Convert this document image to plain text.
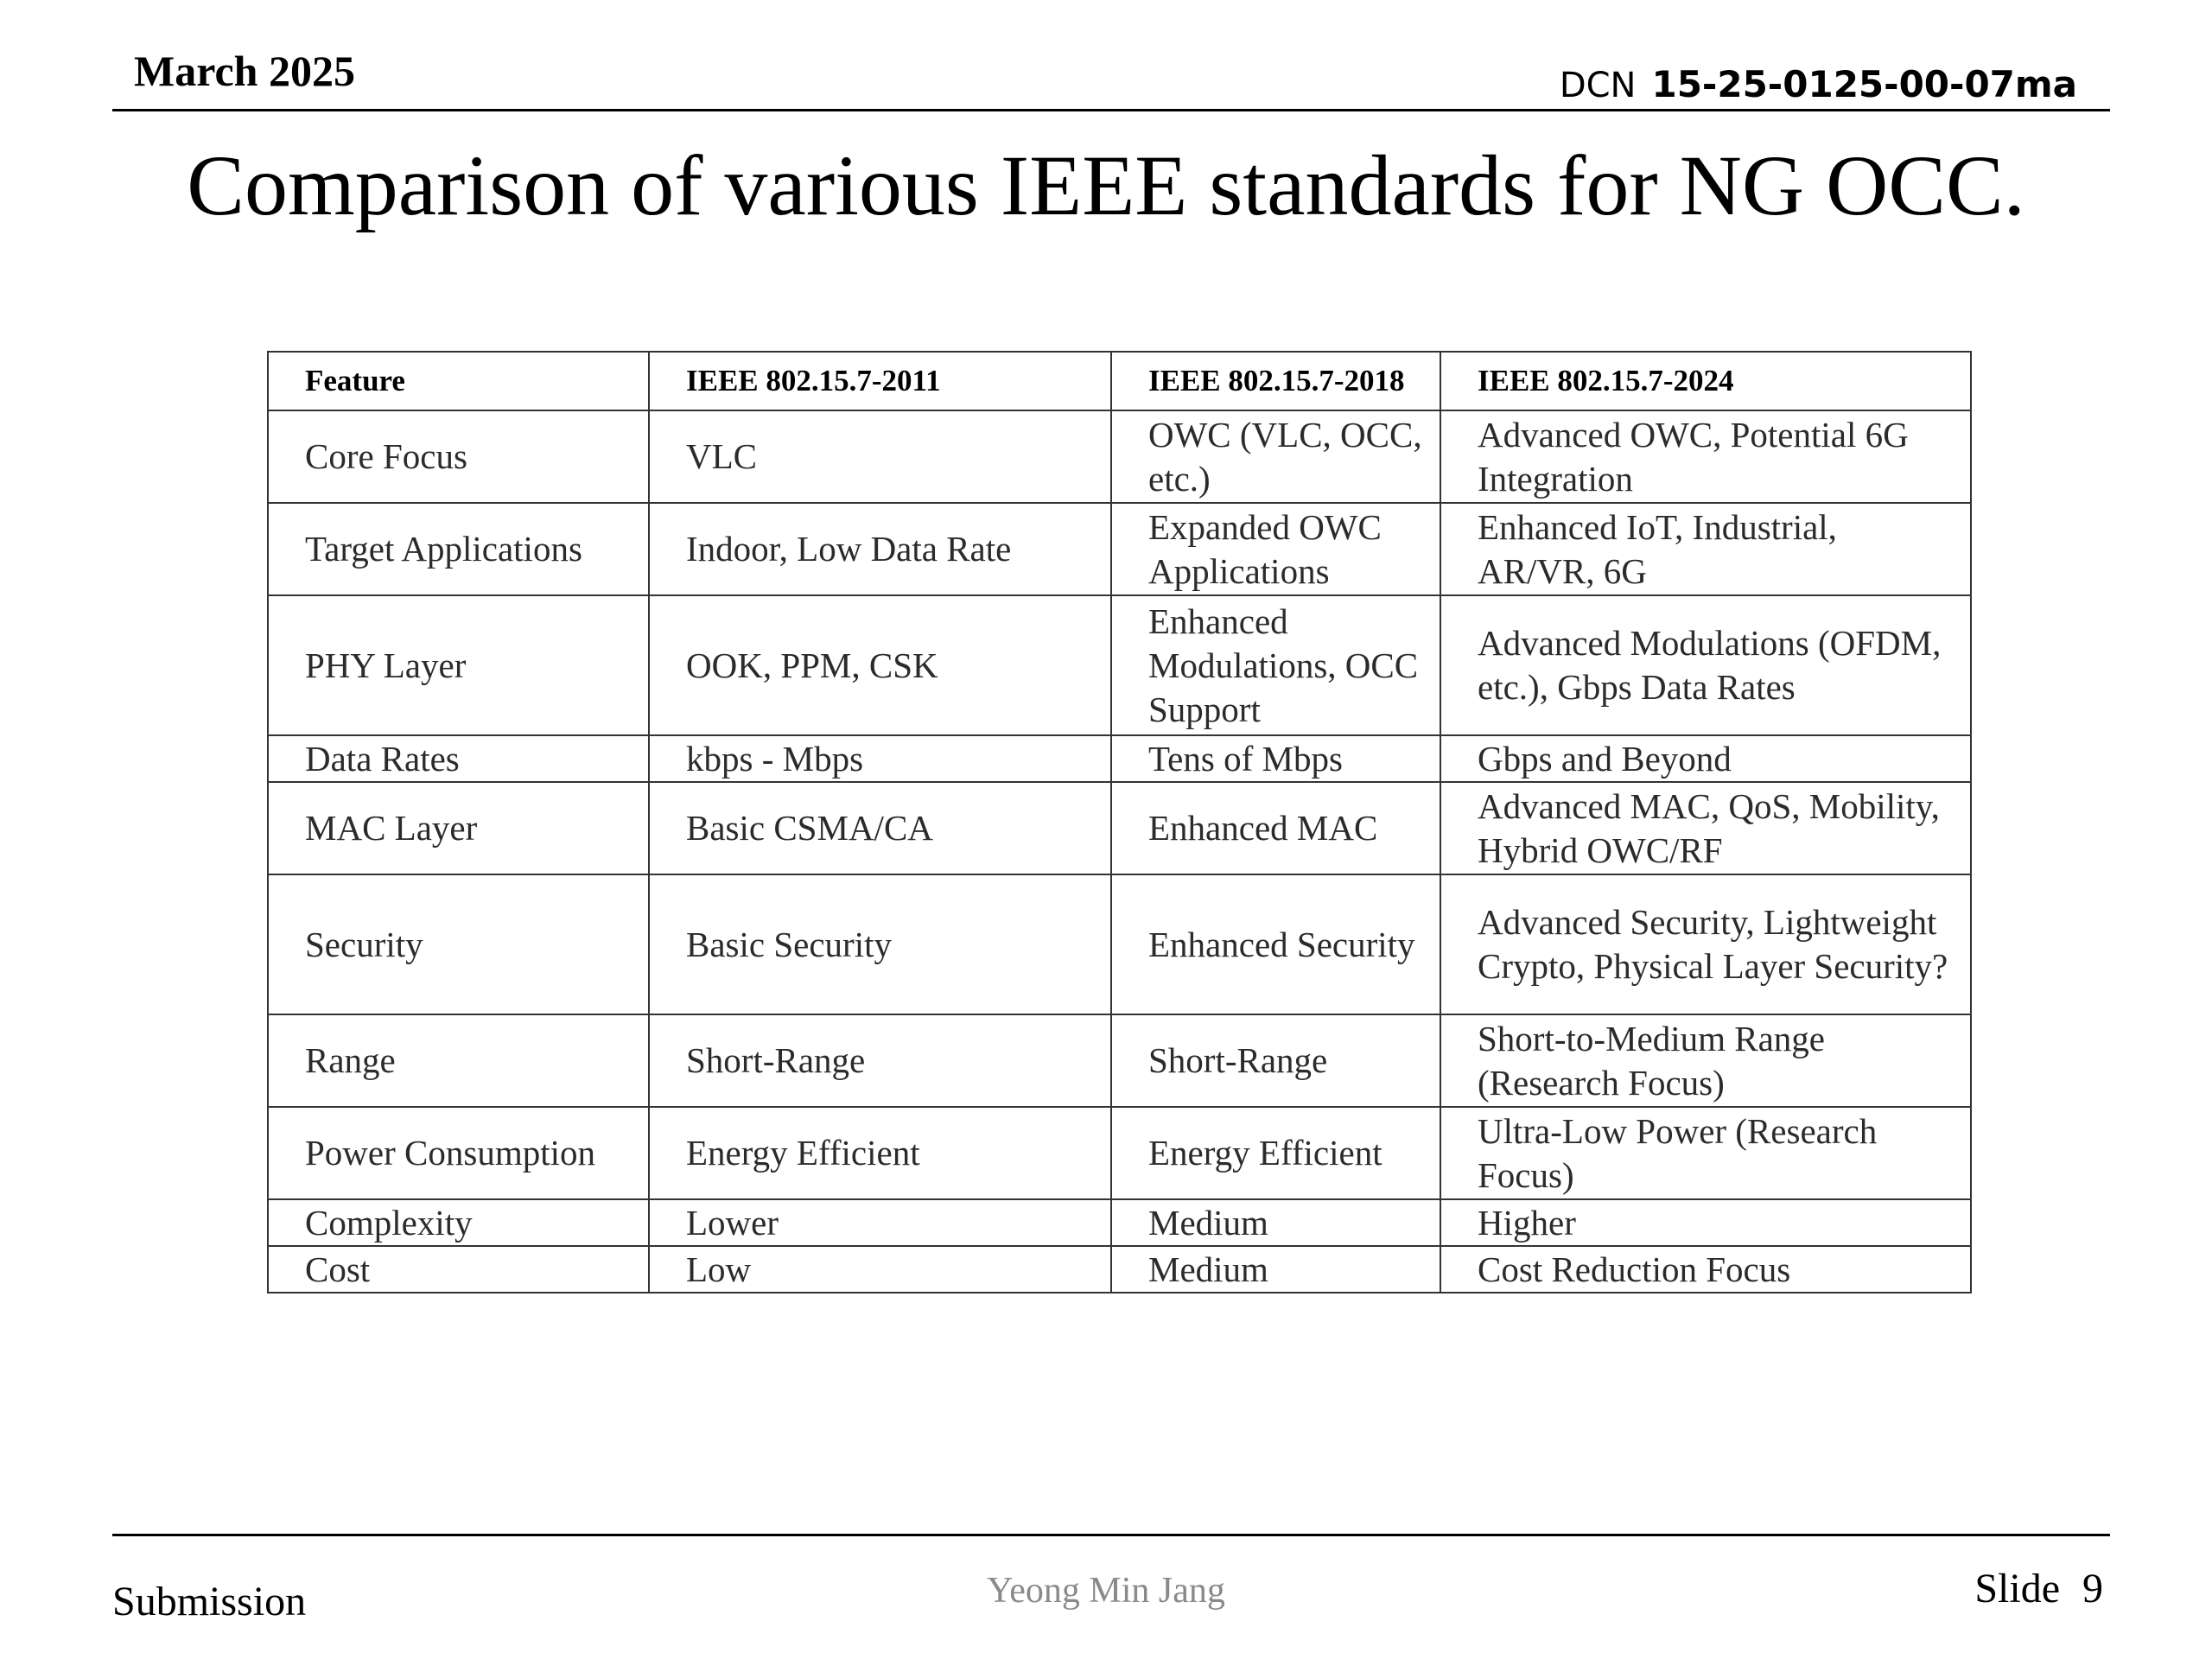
March 2025	DCN 15-25-0125-00-07ma
Comparison of various IEEE standards for NG OCC.
Feature	IEEE 802.15.7-2011	IEEE 802.15.7-2018	IEEE 802.15.7-2024
Core Focus	VLC	OWC (VLC, OCC, etc.)	Advanced OWC, Potential 6G Integration
Target Applications	Indoor, Low Data Rate	Expanded OWC Applications	Enhanced IoT, Industrial, AR/VR, 6G
PHY Layer	OOK, PPM, CSK	Enhanced Modulations, OCC Support	Advanced Modulations (OFDM, etc.), Gbps Data Rates
Data Rates	kbps - Mbps	Tens of Mbps	Gbps and Beyond
MAC Layer	Basic CSMA/CA	Enhanced MAC	Advanced MAC, QoS, Mobility, Hybrid OWC/RF
Security	Basic Security	Enhanced Security	Advanced Security, Lightweight Crypto, Physical Layer Security?
Range	Short-Range	Short-Range	Short-to-Medium Range (Research Focus)
Power Consumption	Energy Efficient	Energy Efficient	Ultra-Low Power (Research Focus)
Complexity	Lower	Medium	Higher
Cost	Low	Medium	Cost Reduction Focus
Submission	Yeong Min Jang	Slide 9
